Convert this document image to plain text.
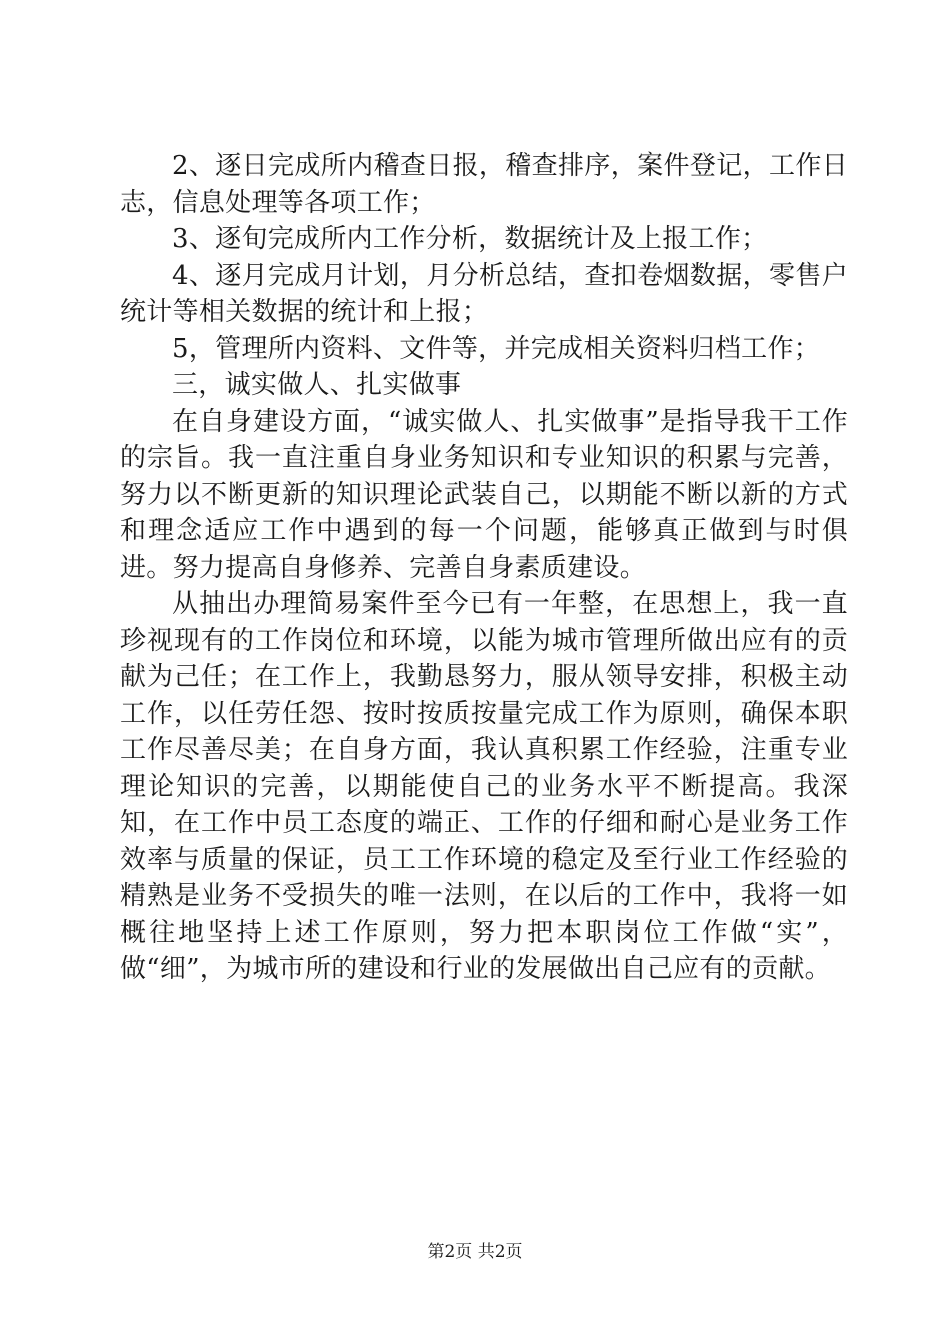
2、逐日完成所内稽查日报，稽查排序，案件登记，工作日志，信息处理等各项工作；

3、逐旬完成所内工作分析，数据统计及上报工作；

4、逐月完成月计划，月分析总结，查扣卷烟数据，零售户统计等相关数据的统计和上报；

5，管理所内资料、文件等，并完成相关资料归档工作；

三，诚实做人、扎实做事

在自身建设方面，“诚实做人、扎实做事”是指导我干工作的宗旨。我一直注重自身业务知识和专业知识的积累与完善，努力以不断更新的知识理论武装自己，以期能不断以新的方式和理念适应工作中遇到的每一个问题，能够真正做到与时俱进。努力提高自身修养、完善自身素质建设。

从抽出办理简易案件至今已有一年整，在思想上，我一直珍视现有的工作岗位和环境，以能为城市管理所做出应有的贡献为己任；在工作上，我勤恳努力，服从领导安排，积极主动工作，以任劳任怨、按时按质按量完成工作为原则，确保本职工作尽善尽美；在自身方面，我认真积累工作经验，注重专业理论知识的完善，以期能使自己的业务水平不断提高。我深知，在工作中员工态度的端正、工作的仔细和耐心是业务工作效率与质量的保证，员工工作环境的稳定及至行业工作经验的精熟是业务不受损失的唯一法则，在以后的工作中，我将一如概往地坚持上述工作原则，努力把本职岗位工作做“实”，做“细”，为城市所的建设和行业的发展做出自己应有的贡献。

第2页 共2页
